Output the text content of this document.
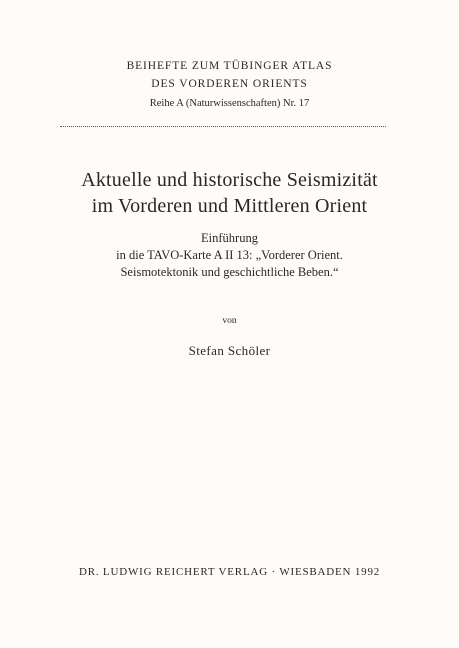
BEIHEFTE ZUM TÜBINGER ATLAS
DES VORDEREN ORIENTS
Reihe A (Naturwissenschaften) Nr. 17
Aktuelle und historische Seismizität
im Vorderen und Mittleren Orient
Einführung
in die TAVO-Karte A II 13: „Vorderer Orient.
Seismotektonik und geschichtliche Beben.“
von
Stefan Schöler
DR. LUDWIG REICHERT VERLAG · WIESBADEN 1992
